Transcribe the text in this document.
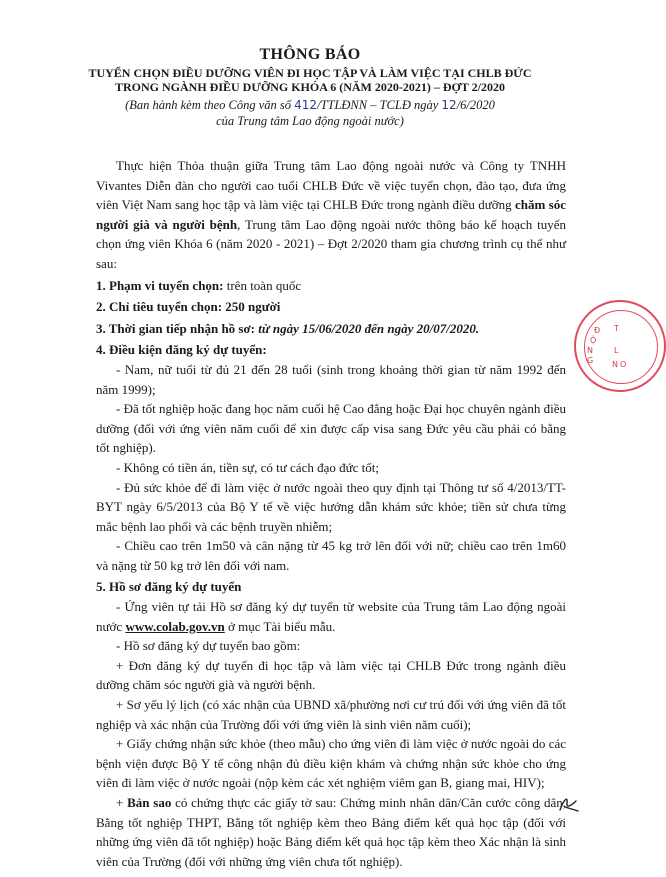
THÔNG BÁO
TUYỂN CHỌN ĐIỀU DƯỠNG VIÊN ĐI HỌC TẬP VÀ LÀM VIỆC TẠI CHLB ĐỨC
TRONG NGÀNH ĐIỀU DƯỠNG KHÓA 6 (NĂM 2020-2021) – ĐỢT 2/2020
(Ban hành kèm theo Công văn số 412/TTLĐNN – TCLĐ ngày 12/6/2020
của Trung tâm Lao động ngoài nước)

Thực hiện Thỏa thuận giữa Trung tâm Lao động ngoài nước và Công ty TNHH Vivantes Diễn đàn cho người cao tuổi CHLB Đức về việc tuyển chọn, đào tạo, đưa ứng viên Việt Nam sang học tập và làm việc tại CHLB Đức trong ngành điều dưỡng chăm sóc người già và người bệnh, Trung tâm Lao động ngoài nước thông báo kế hoạch tuyển chọn ứng viên Khóa 6 (năm 2020 - 2021) – Đợt 2/2020 tham gia chương trình cụ thể như sau:

1. Phạm vi tuyển chọn: trên toàn quốc

2. Chỉ tiêu tuyển chọn: 250 người

3. Thời gian tiếp nhận hồ sơ: từ ngày 15/06/2020 đến ngày 20/07/2020.

4. Điều kiện đăng ký dự tuyển:

- Nam, nữ tuổi từ đủ 21 đến 28 tuổi (sinh trong khoảng thời gian từ năm 1992 đến năm 1999);

- Đã tốt nghiệp hoặc đang học năm cuối hệ Cao đẳng hoặc Đại học chuyên ngành điều dưỡng (đối với ứng viên năm cuối để xin được cấp visa sang Đức yêu cầu phải có bằng tốt nghiệp).

- Không có tiền án, tiền sự, có tư cách đạo đức tốt;

- Đủ sức khỏe để đi làm việc ở nước ngoài theo quy định tại Thông tư số 4/2013/TT-BYT ngày 6/5/2013 của Bộ Y tế về việc hướng dẫn khám sức khỏe; tiền sử chưa từng mắc bệnh lao phổi và các bệnh truyền nhiễm;

- Chiều cao trên 1m50 và cân nặng từ 45 kg trở lên đối với nữ; chiều cao trên 1m60 và nặng từ 50 kg trở lên đối với nam.

5. Hồ sơ đăng ký dự tuyển

- Ứng viên tự tải Hồ sơ đăng ký dự tuyển từ website của Trung tâm Lao động ngoài nước www.colab.gov.vn ở mục Tài biểu mẫu.

- Hồ sơ đăng ký dự tuyển bao gồm:

+ Đơn đăng ký dự tuyển đi học tập và làm việc tại CHLB Đức trong ngành điều dưỡng chăm sóc người già và người bệnh.

+ Sơ yếu lý lịch (có xác nhận của UBND xã/phường nơi cư trú đối với ứng viên đã tốt nghiệp và xác nhận của Trường đối với ứng viên là sinh viên năm cuối);

+ Giấy chứng nhận sức khỏe (theo mẫu) cho ứng viên đi làm việc ở nước ngoài do các bệnh viện được Bộ Y tế công nhận đủ điều kiện khám và chứng nhận sức khỏe cho ứng viên đi làm việc ở nước ngoài (nộp kèm các xét nghiệm viêm gan B, giang mai, HIV);

+ Bản sao có chứng thực các giấy tờ sau: Chứng minh nhân dân/Căn cước công dân, Bằng tốt nghiệp THPT, Bằng tốt nghiệp kèm theo Bảng điểm kết quả học tập (đối với những ứng viên đã tốt nghiệp) hoặc Bảng điểm kết quả học tập kèm theo Xác nhận là sinh viên của Trường (đối với những ứng viên chưa tốt nghiệp).

Đ
Ộ
N
G
T
L
N O
